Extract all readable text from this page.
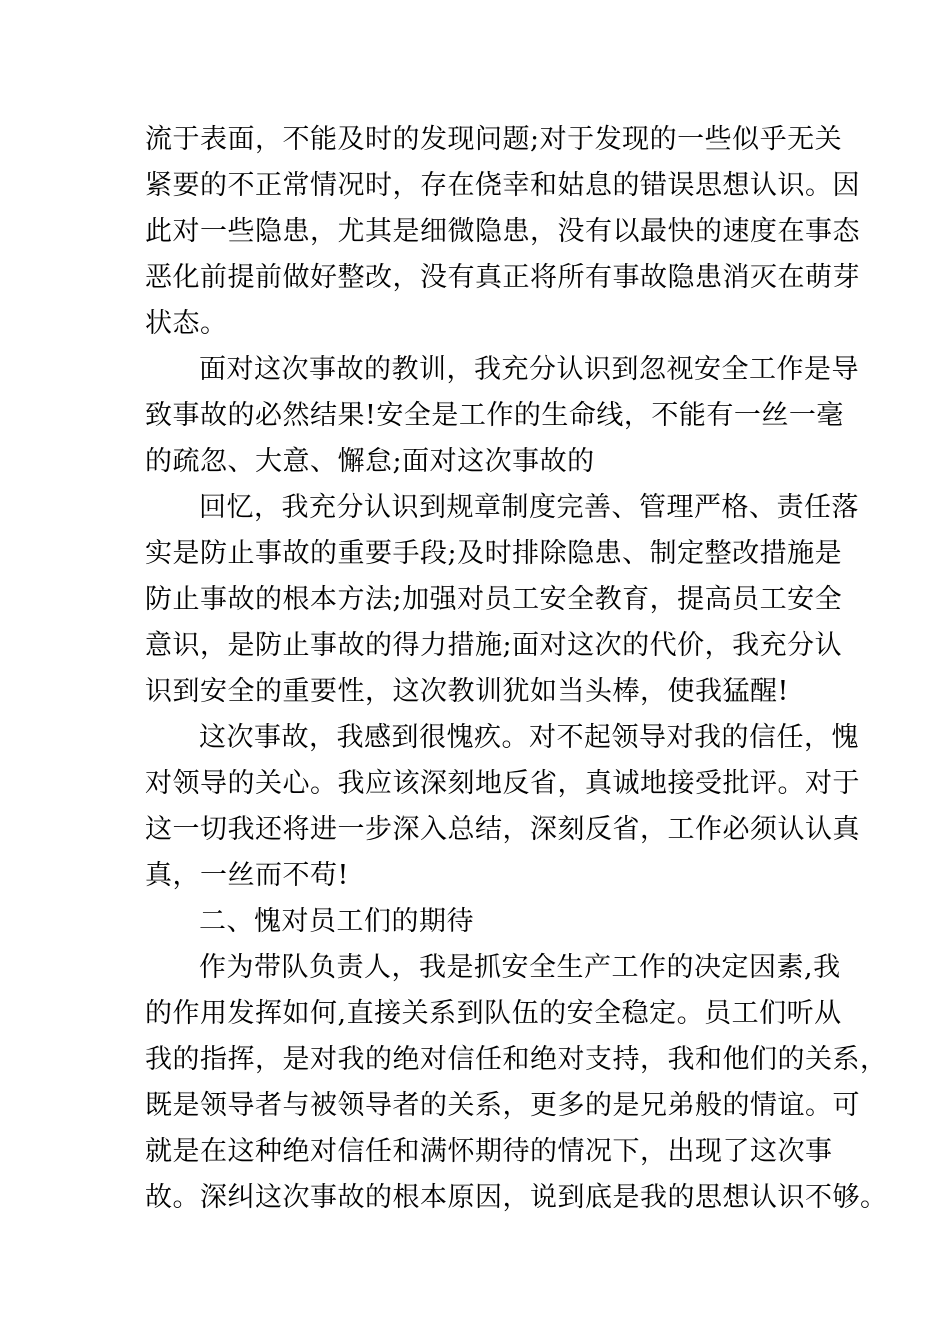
流于表面，不能及时的发现问题;对于发现的一些似乎无关
紧要的不正常情况时，存在侥幸和姑息的错误思想认识。因
此对一些隐患，尤其是细微隐患，没有以最快的速度在事态
恶化前提前做好整改，没有真正将所有事故隐患消灭在萌芽
状态。
面对这次事故的教训，我充分认识到忽视安全工作是导
致事故的必然结果!安全是工作的生命线，不能有一丝一毫
的疏忽、大意、懈怠;面对这次事故的
回忆，我充分认识到规章制度完善、管理严格、责任落
实是防止事故的重要手段;及时排除隐患、制定整改措施是
防止事故的根本方法;加强对员工安全教育，提高员工安全
意识，是防止事故的得力措施;面对这次的代价，我充分认
识到安全的重要性，这次教训犹如当头棒，使我猛醒!
这次事故，我感到很愧疚。对不起领导对我的信任，愧
对领导的关心。我应该深刻地反省，真诚地接受批评。对于
这一切我还将进一步深入总结，深刻反省，工作必须认认真
真，一丝而不苟!
二、愧对员工们的期待
作为带队负责人，我是抓安全生产工作的决定因素,我
的作用发挥如何,直接关系到队伍的安全稳定。员工们听从
我的指挥，是对我的绝对信任和绝对支持，我和他们的关系，
既是领导者与被领导者的关系，更多的是兄弟般的情谊。可
就是在这种绝对信任和满怀期待的情况下，出现了这次事
故。深纠这次事故的根本原因，说到底是我的思想认识不够。
